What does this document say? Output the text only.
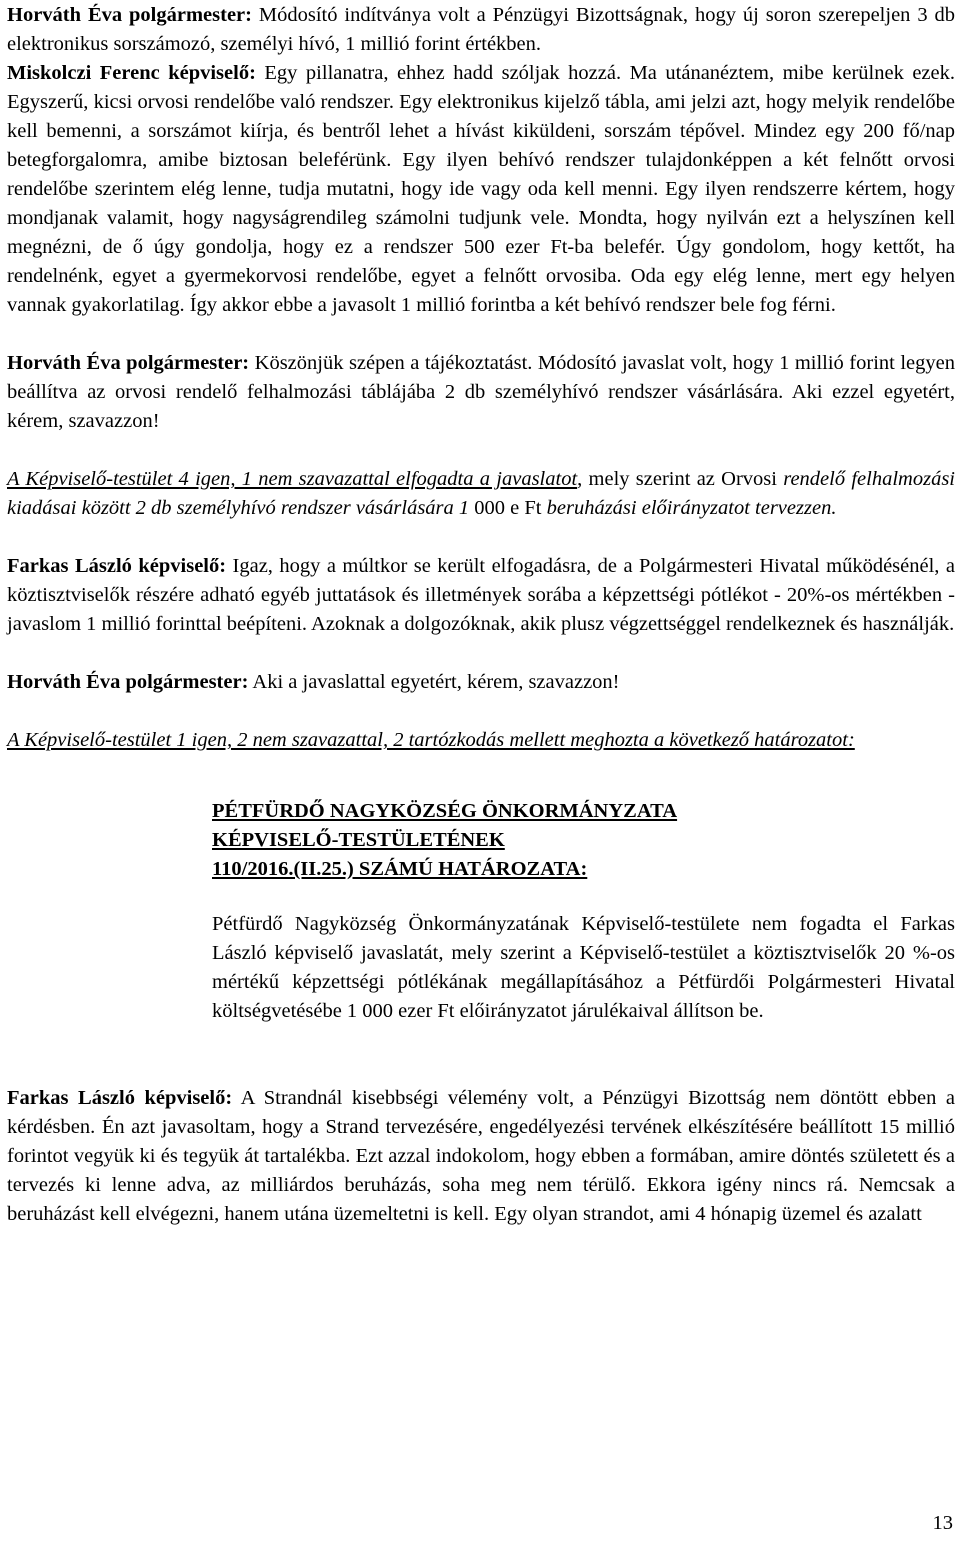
Horváth Éva polgármester: Módosító indítványa volt a Pénzügyi Bizottságnak, hogy új soron szerepeljen 3 db elektronikus sorszámozó, személyi hívó, 1 millió forint értékben.

Miskolczi Ferenc képviselő: Egy pillanatra, ehhez hadd szóljak hozzá. Ma utánanéztem, mibe kerülnek ezek. Egyszerű, kicsi orvosi rendelőbe való rendszer. Egy elektronikus kijelző tábla, ami jelzi azt, hogy melyik rendelőbe kell bemenni, a sorszámot kiírja, és bentről lehet a hívást kiküldeni, sorszám tépővel. Mindez egy 200 fő/nap betegforgalomra, amibe biztosan beleférünk. Egy ilyen behívó rendszer tulajdonképpen a két felnőtt orvosi rendelőbe szerintem elég lenne, tudja mutatni, hogy ide vagy oda kell menni. Egy ilyen rendszerre kértem, hogy mondjanak valamit, hogy nagyságrendileg számolni tudjunk vele. Mondta, hogy nyilván ezt a helyszínen kell megnézni, de ő úgy gondolja, hogy ez a rendszer 500 ezer Ft-ba belefér. Úgy gondolom, hogy kettőt, ha rendelnénk, egyet a gyermekorvosi rendelőbe, egyet a felnőtt orvosiba. Oda egy elég lenne, mert egy helyen vannak gyakorlatilag. Így akkor ebbe a javasolt 1 millió forintba a két behívó rendszer bele fog férni.

Horváth Éva polgármester: Köszönjük szépen a tájékoztatást. Módosító javaslat volt, hogy 1 millió forint legyen beállítva az orvosi rendelő felhalmozási táblájába 2 db személyhívó rendszer vásárlására. Aki ezzel egyetért, kérem, szavazzon!

A Képviselő-testület 4 igen, 1 nem szavazattal elfogadta a javaslatot, mely szerint az Orvosi rendelő felhalmozási kiadásai között 2 db személyhívó rendszer vásárlására 1 000 e Ft beruházási előirányzatot tervezzen.

Farkas László képviselő: Igaz, hogy a múltkor se került elfogadásra, de a Polgármesteri Hivatal működésénél, a köztisztviselők részére adható egyéb juttatások és illetmények sorába a képzettségi pótlékot - 20%-os mértékben - javaslom 1 millió forinttal beépíteni. Azoknak a dolgozóknak, akik plusz végzettséggel rendelkeznek és használják.

Horváth Éva polgármester: Aki a javaslattal egyetért, kérem, szavazzon!

A Képviselő-testület 1 igen, 2 nem szavazattal, 2 tartózkodás mellett meghozta a következő határozatot:

PÉTFÜRDŐ NAGYKÖZSÉG ÖNKORMÁNYZATA
KÉPVISELŐ-TESTÜLETÉNEK
110/2016.(II.25.) SZÁMÚ HATÁROZATA:

Pétfürdő Nagyközség Önkormányzatának Képviselő-testülete nem fogadta el Farkas László képviselő javaslatát, mely szerint a Képviselő-testület a köztisztviselők 20 %-os mértékű képzettségi pótlékának megállapításához a Pétfürdői Polgármesteri Hivatal költségvetésébe 1 000 ezer Ft előirányzatot járulékaival állítson be.

Farkas László képviselő: A Strandnál kisebbségi vélemény volt, a Pénzügyi Bizottság nem döntött ebben a kérdésben. Én azt javasoltam, hogy a Strand tervezésére, engedélyezési tervének elkészítésére beállított 15 millió forintot vegyük ki és tegyük át tartalékba. Ezt azzal indokolom, hogy ebben a formában, amire döntés született és a tervezés ki lenne adva, az milliárdos beruházás, soha meg nem térülő. Ekkora igény nincs rá. Nemcsak a beruházást kell elvégezni, hanem utána üzemeltetni is kell. Egy olyan strandot, ami 4 hónapig üzemel és azalatt

13
